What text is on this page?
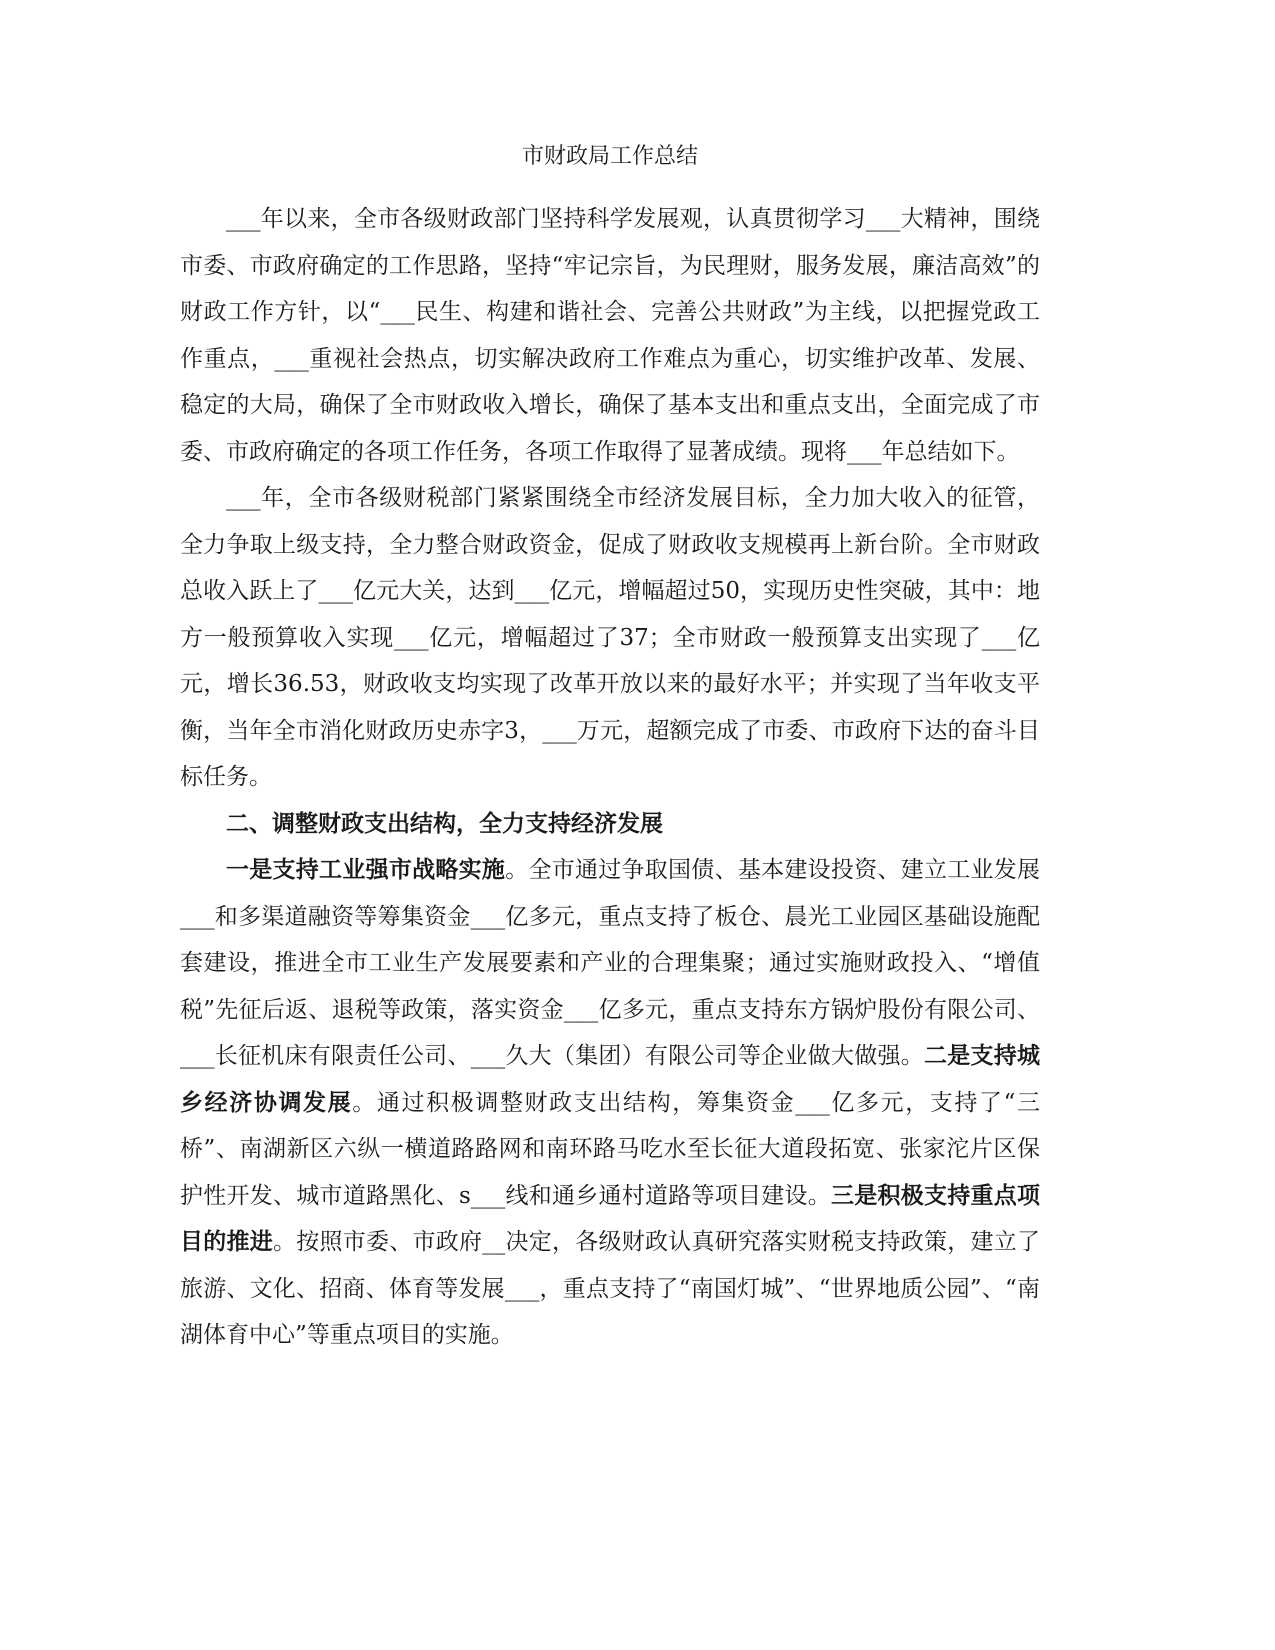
市财政局工作总结

___年以来，全市各级财政部门坚持科学发展观，认真贯彻学习___大精神，围绕市委、市政府确定的工作思路，坚持“牢记宗旨，为民理财，服务发展，廉洁高效”的财政工作方针，以“___民生、构建和谐社会、完善公共财政”为主线，以把握党政工作重点，___重视社会热点，切实解决政府工作难点为重心，切实维护改革、发展、稳定的大局，确保了全市财政收入增长，确保了基本支出和重点支出，全面完成了市委、市政府确定的各项工作任务，各项工作取得了显著成绩。现将___年总结如下。

___年，全市各级财税部门紧紧围绕全市经济发展目标，全力加大收入的征管，全力争取上级支持，全力整合财政资金，促成了财政收支规模再上新台阶。全市财政总收入跃上了___亿元大关，达到___亿元，增幅超过50，实现历史性突破，其中：地方一般预算收入实现___亿元，增幅超过了37；全市财政一般预算支出实现了___亿元，增长36.53，财政收支均实现了改革开放以来的最好水平；并实现了当年收支平衡，当年全市消化财政历史赤字3，___万元，超额完成了市委、市政府下达的奋斗目标任务。

二、调整财政支出结构，全力支持经济发展

一是支持工业强市战略实施。全市通过争取国债、基本建设投资、建立工业发展___和多渠道融资等筹集资金___亿多元，重点支持了板仓、晨光工业园区基础设施配套建设，推进全市工业生产发展要素和产业的合理集聚；通过实施财政投入、“增值税”先征后返、退税等政策，落实资金___亿多元，重点支持东方锅炉股份有限公司、___长征机床有限责任公司、___久大（集团）有限公司等企业做大做强。二是支持城乡经济协调发展。通过积极调整财政支出结构，筹集资金___亿多元，支持了“三桥”、南湖新区六纵一横道路路网和南环路马吃水至长征大道段拓宽、张家沱片区保护性开发、城市道路黑化、s___线和通乡通村道路等项目建设。三是积极支持重点项目的推进。按照市委、市政府__决定，各级财政认真研究落实财税支持政策，建立了旅游、文化、招商、体育等发展___，重点支持了“南国灯城”、“世界地质公园”、“南湖体育中心”等重点项目的实施。
